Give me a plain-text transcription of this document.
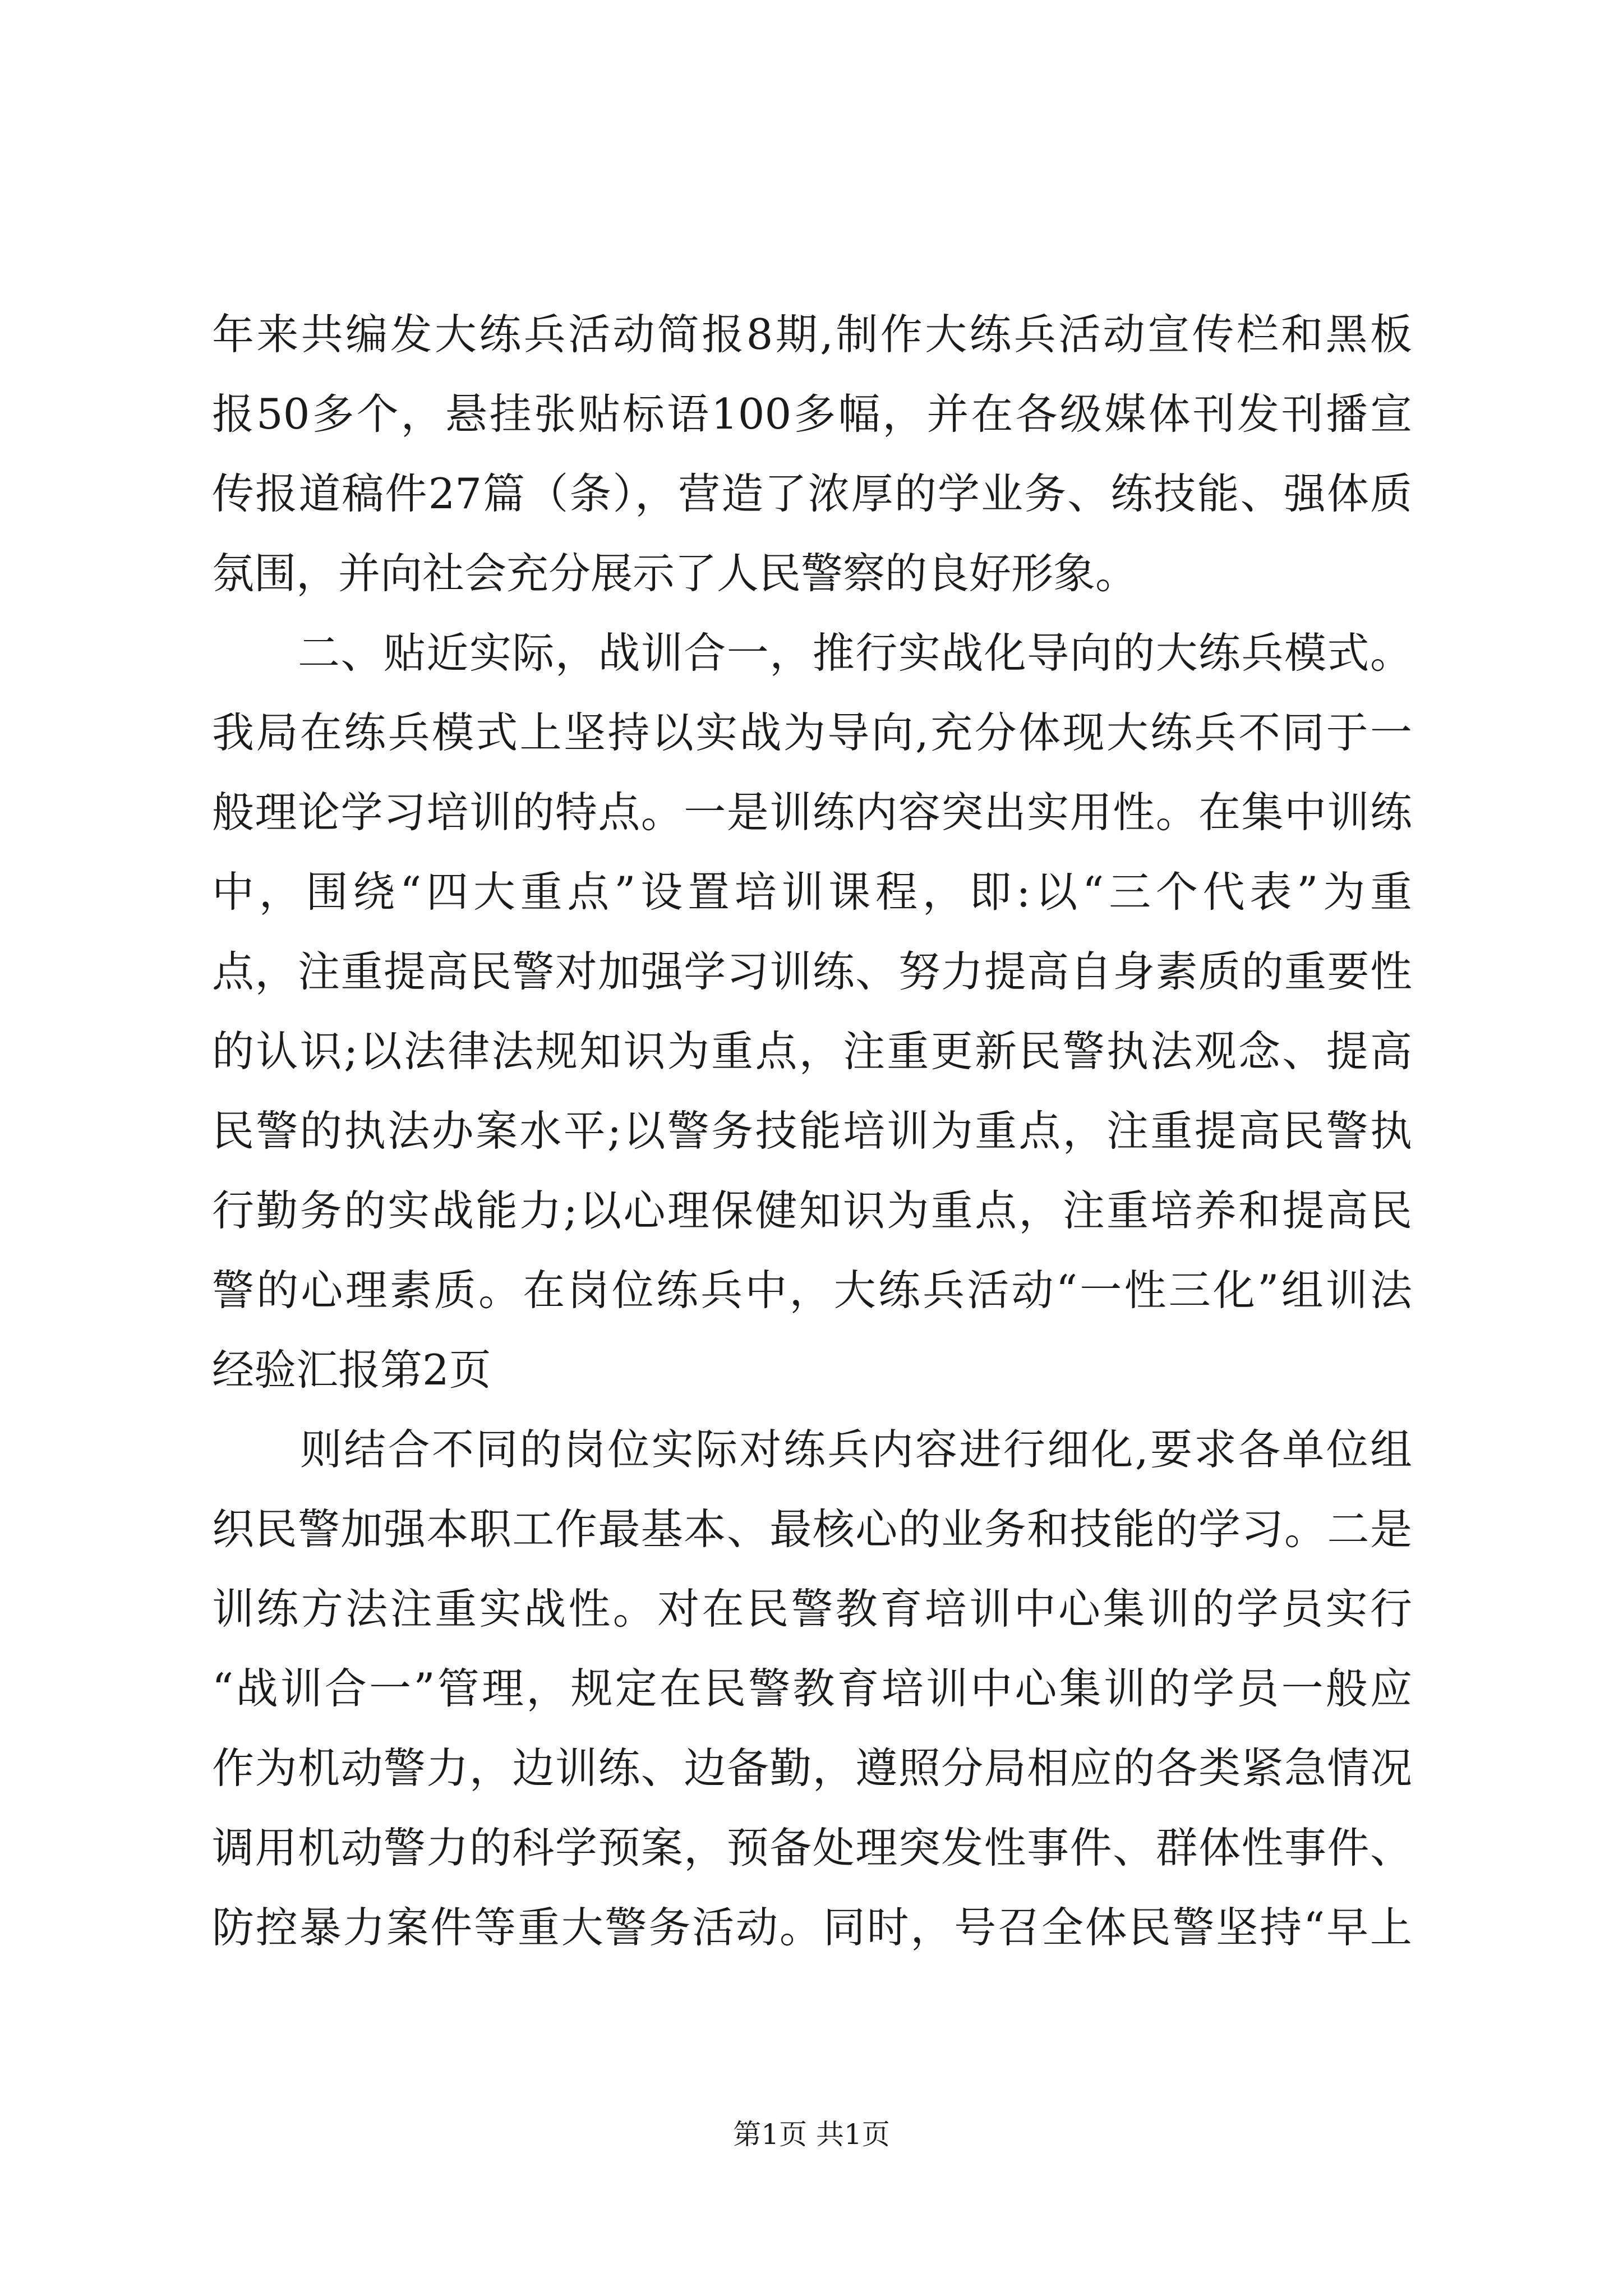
年来共编发大练兵活动简报8期,制作大练兵活动宣传栏和黑板
报50多个，悬挂张贴标语100多幅，并在各级媒体刊发刊播宣
传报道稿件27篇（条），营造了浓厚的学业务、练技能、强体质
氛围，并向社会充分展示了人民警察的良好形象。
　　二、贴近实际，战训合一，推行实战化导向的大练兵模式。
我局在练兵模式上坚持以实战为导向,充分体现大练兵不同于一
般理论学习培训的特点。一是训练内容突出实用性。在集中训练
中，围绕“四大重点”设置培训课程，即:以“三个代表”为重
点，注重提高民警对加强学习训练、努力提高自身素质的重要性
的认识;以法律法规知识为重点，注重更新民警执法观念、提高
民警的执法办案水平;以警务技能培训为重点，注重提高民警执
行勤务的实战能力;以心理保健知识为重点，注重培养和提高民
警的心理素质。在岗位练兵中，大练兵活动“一性三化”组训法
经验汇报第2页
　　则结合不同的岗位实际对练兵内容进行细化,要求各单位组
织民警加强本职工作最基本、最核心的业务和技能的学习。二是
训练方法注重实战性。对在民警教育培训中心集训的学员实行
“战训合一”管理，规定在民警教育培训中心集训的学员一般应
作为机动警力，边训练、边备勤，遵照分局相应的各类紧急情况
调用机动警力的科学预案，预备处理突发性事件、群体性事件、
防控暴力案件等重大警务活动。同时，号召全体民警坚持“早上
第1页 共1页
